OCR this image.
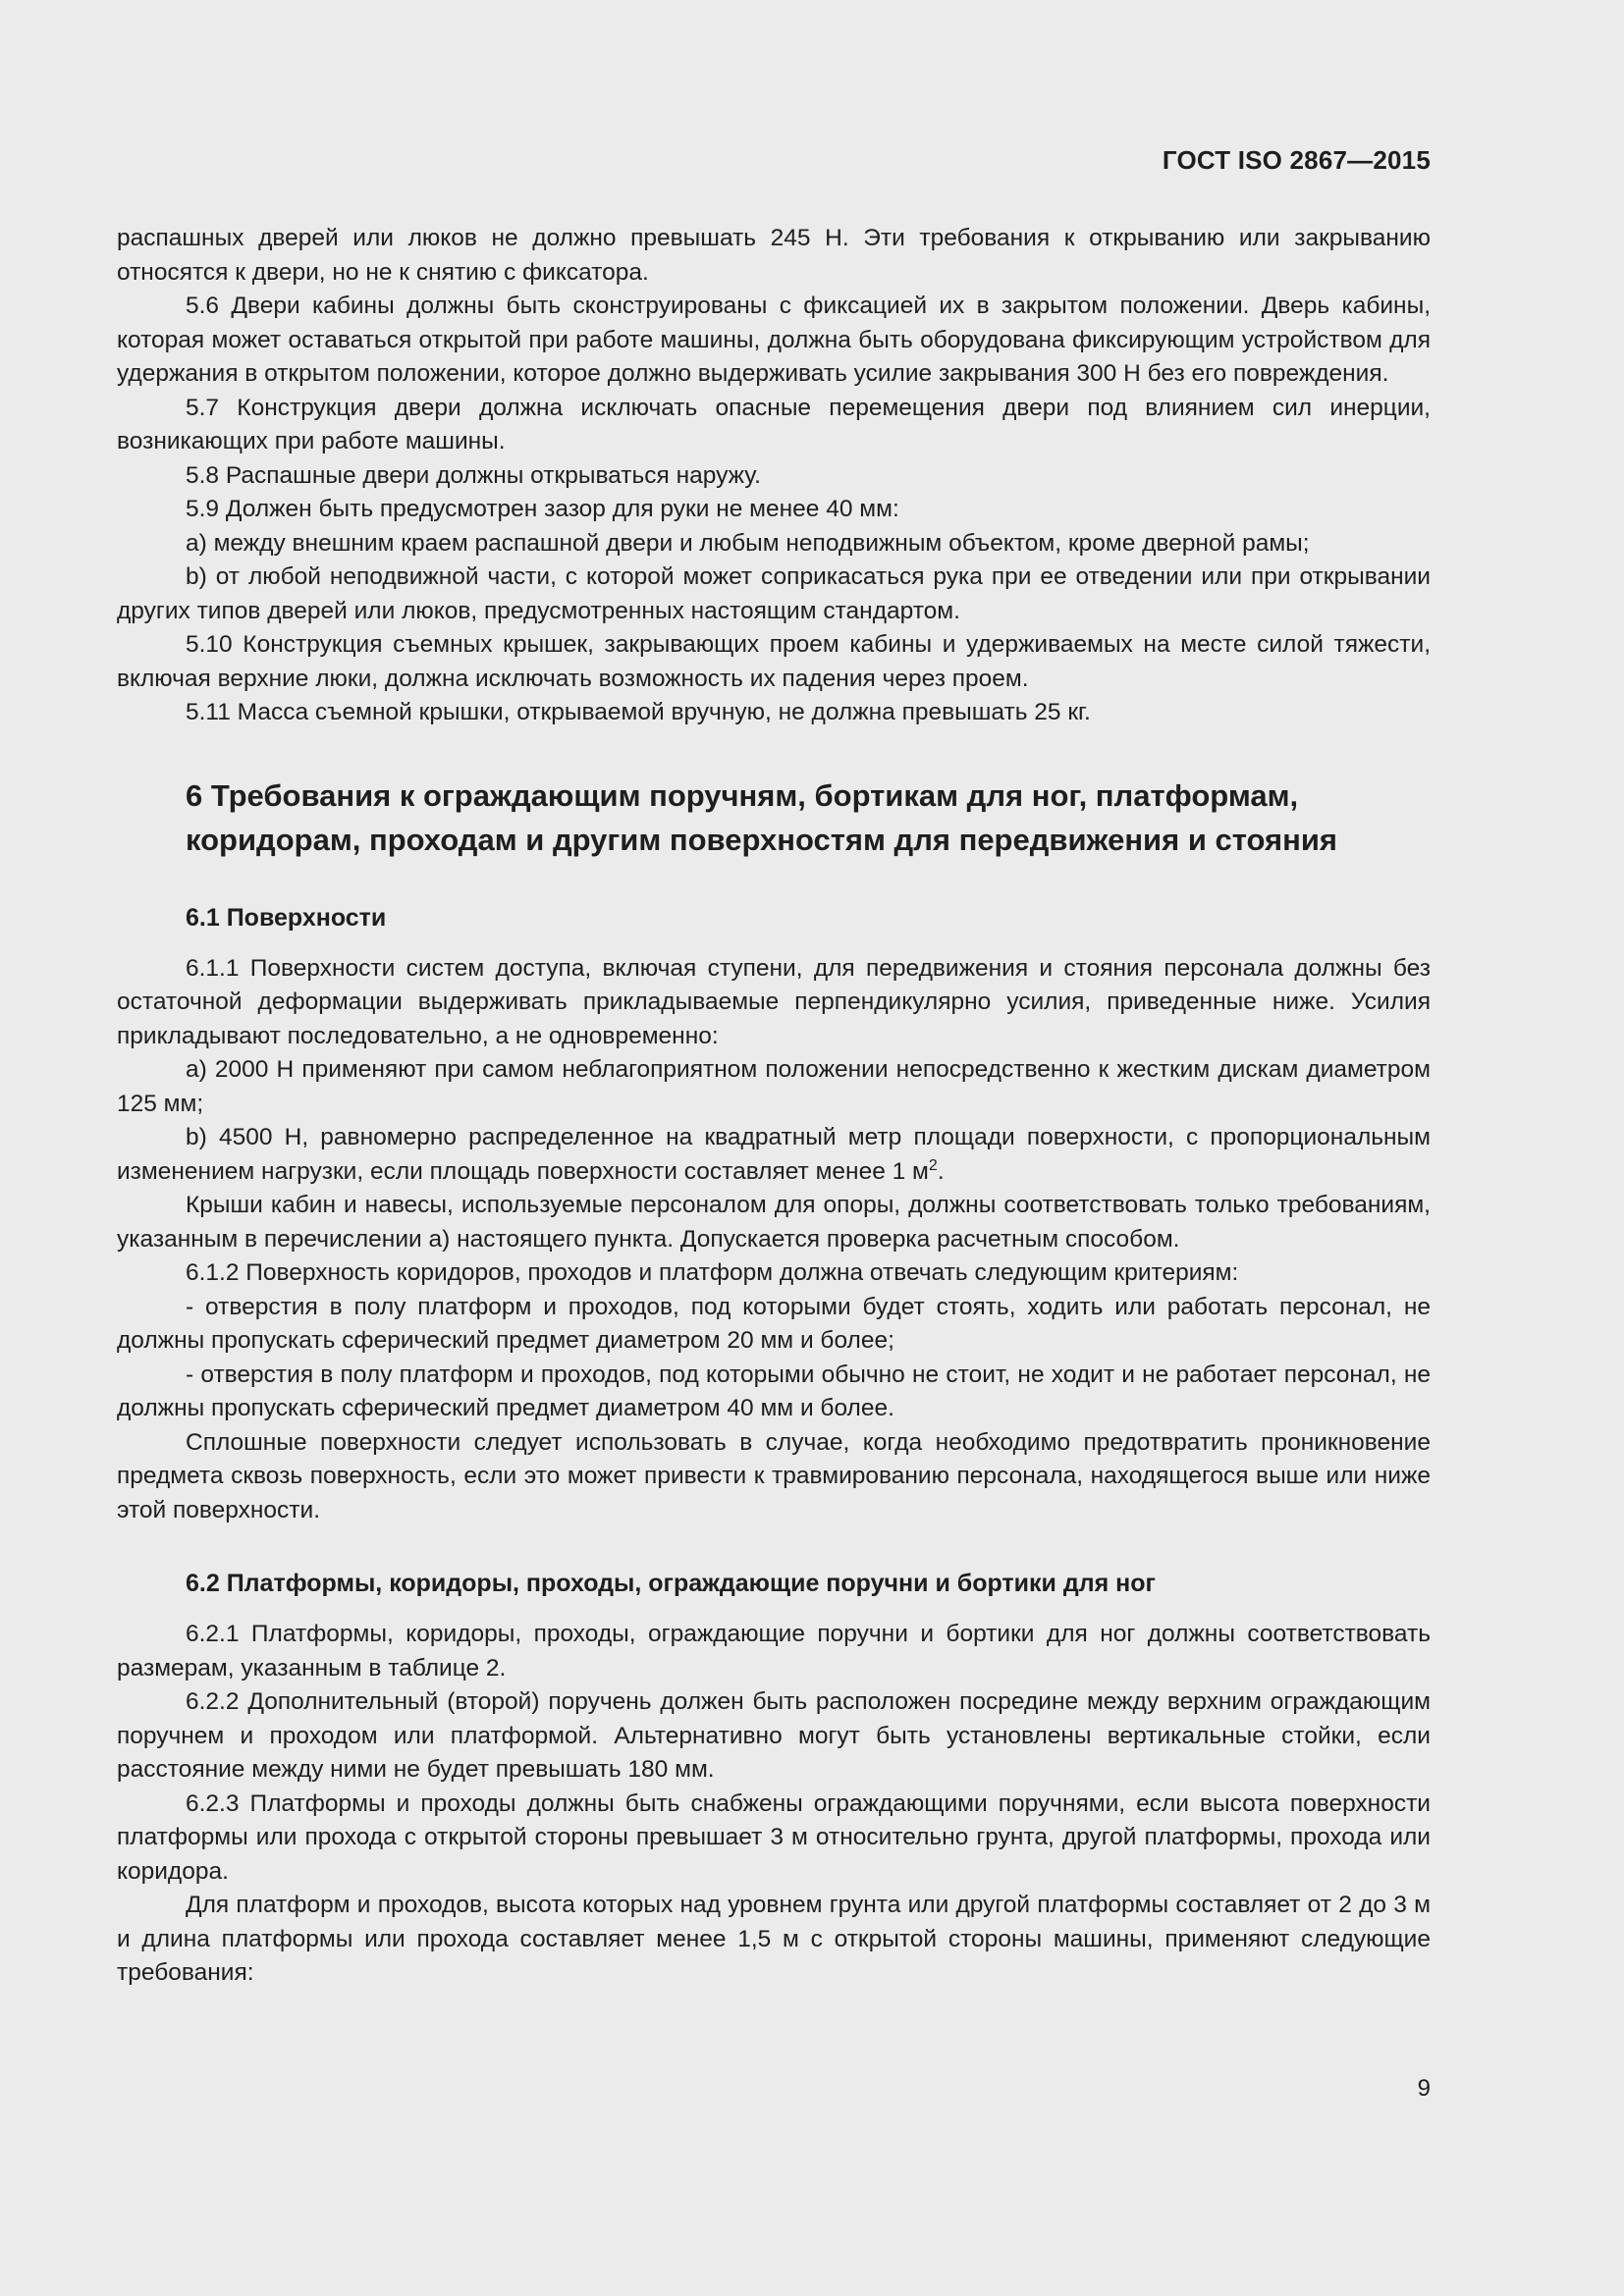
ГОСТ ISO 2867—2015

распашных дверей или люков не должно превышать 245 Н. Эти требования к открыванию или закрыванию относятся к двери, но не к снятию с фиксатора.

5.6 Двери кабины должны быть сконструированы с фиксацией их в закрытом положении. Дверь кабины, которая может оставаться открытой при работе машины, должна быть оборудована фиксирующим устройством для удержания в открытом положении, которое должно выдерживать усилие закрывания 300 Н без его повреждения.

5.7 Конструкция двери должна исключать опасные перемещения двери под влиянием сил инерции, возникающих при работе машины.

5.8 Распашные двери должны открываться наружу.

5.9 Должен быть предусмотрен зазор для руки не менее 40 мм:

a) между внешним краем распашной двери и любым неподвижным объектом, кроме дверной рамы;

b) от любой неподвижной части, с которой может соприкасаться рука при ее отведении или при открывании других типов дверей или люков, предусмотренных настоящим стандартом.

5.10 Конструкция съемных крышек, закрывающих проем кабины и удерживаемых на месте силой тяжести, включая верхние люки, должна исключать возможность их падения через проем.

5.11 Масса съемной крышки, открываемой вручную, не должна превышать 25 кг.

6 Требования к ограждающим поручням, бортикам для ног, платформам, коридорам, проходам и другим поверхностям для передвижения и стояния
6.1 Поверхности

6.1.1 Поверхности систем доступа, включая ступени, для передвижения и стояния персонала должны без остаточной деформации выдерживать прикладываемые перпендикулярно усилия, приведенные ниже. Усилия прикладывают последовательно, а не одновременно:

a) 2000 Н применяют при самом неблагоприятном положении непосредственно к жестким дискам диаметром 125 мм;

b) 4500 Н, равномерно распределенное на квадратный метр площади поверхности, с пропорциональным изменением нагрузки, если площадь поверхности составляет менее 1 $м^2$.

Крыши кабин и навесы, используемые персоналом для опоры, должны соответствовать только требованиям, указанным в перечислении a) настоящего пункта. Допускается проверка расчетным способом.

6.1.2 Поверхность коридоров, проходов и платформ должна отвечать следующим критериям:

- отверстия в полу платформ и проходов, под которыми будет стоять, ходить или работать персонал, не должны пропускать сферический предмет диаметром 20 мм и более;

- отверстия в полу платформ и проходов, под которыми обычно не стоит, не ходит и не работает персонал, не должны пропускать сферический предмет диаметром 40 мм и более.

Сплошные поверхности следует использовать в случае, когда необходимо предотвратить проникновение предмета сквозь поверхность, если это может привести к травмированию персонала, находящегося выше или ниже этой поверхности.

6.2 Платформы, коридоры, проходы, ограждающие поручни и бортики для ног

6.2.1 Платформы, коридоры, проходы, ограждающие поручни и бортики для ног должны соответствовать размерам, указанным в таблице 2.

6.2.2 Дополнительный (второй) поручень должен быть расположен посредине между верхним ограждающим поручнем и проходом или платформой. Альтернативно могут быть установлены вертикальные стойки, если расстояние между ними не будет превышать 180 мм.

6.2.3 Платформы и проходы должны быть снабжены ограждающими поручнями, если высота поверхности платформы или прохода с открытой стороны превышает 3 м относительно грунта, другой платформы, прохода или коридора.

Для платформ и проходов, высота которых над уровнем грунта или другой платформы составляет от 2 до 3 м и длина платформы или прохода составляет менее 1,5 м с открытой стороны машины, применяют следующие требования:

9
